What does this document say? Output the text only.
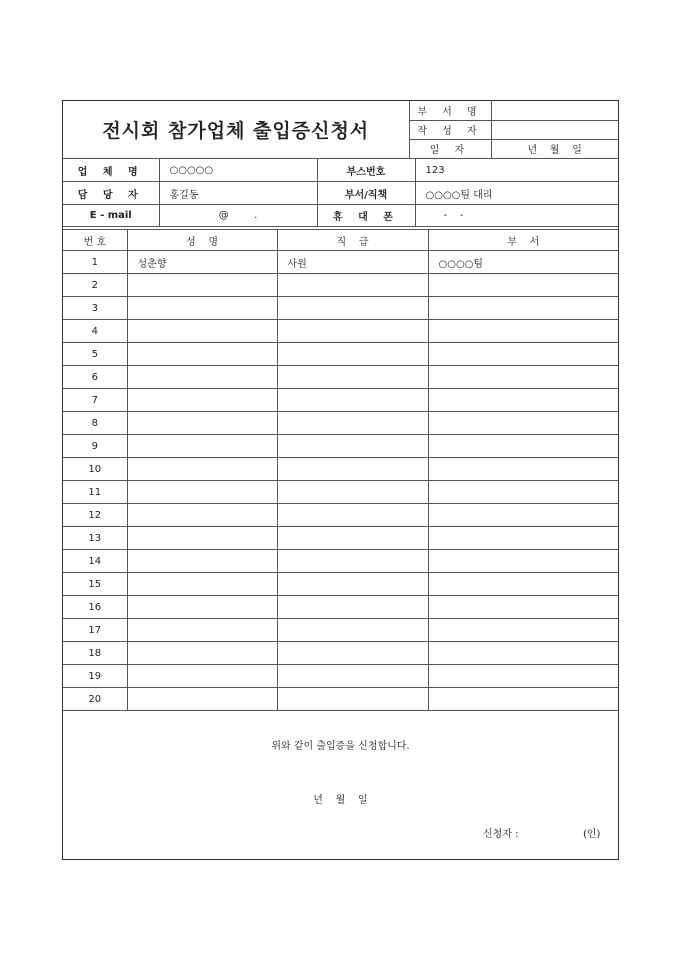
전시회 참가업체 출입증신청서	부 서 명	
	작 성 자	
	일 자	년    월    일
업 체 명	○○○○○	부스번호	123
담 당 자	홍길동	부서/직책	○○○○팀 대리
E - mail	@        .	휴 대 폰	-    -
번 호	성    명	직    급	부    서
1	성춘향	사원	○○○○팀
2			
3			
4			
5			
6			
7			
8			
9			
10			
11			
12			
13			
14			
15			
16			
17			
18			
19			
20			
위와 같이 출입증을 신청합니다.
년    월    일
신청자 :	(인)
